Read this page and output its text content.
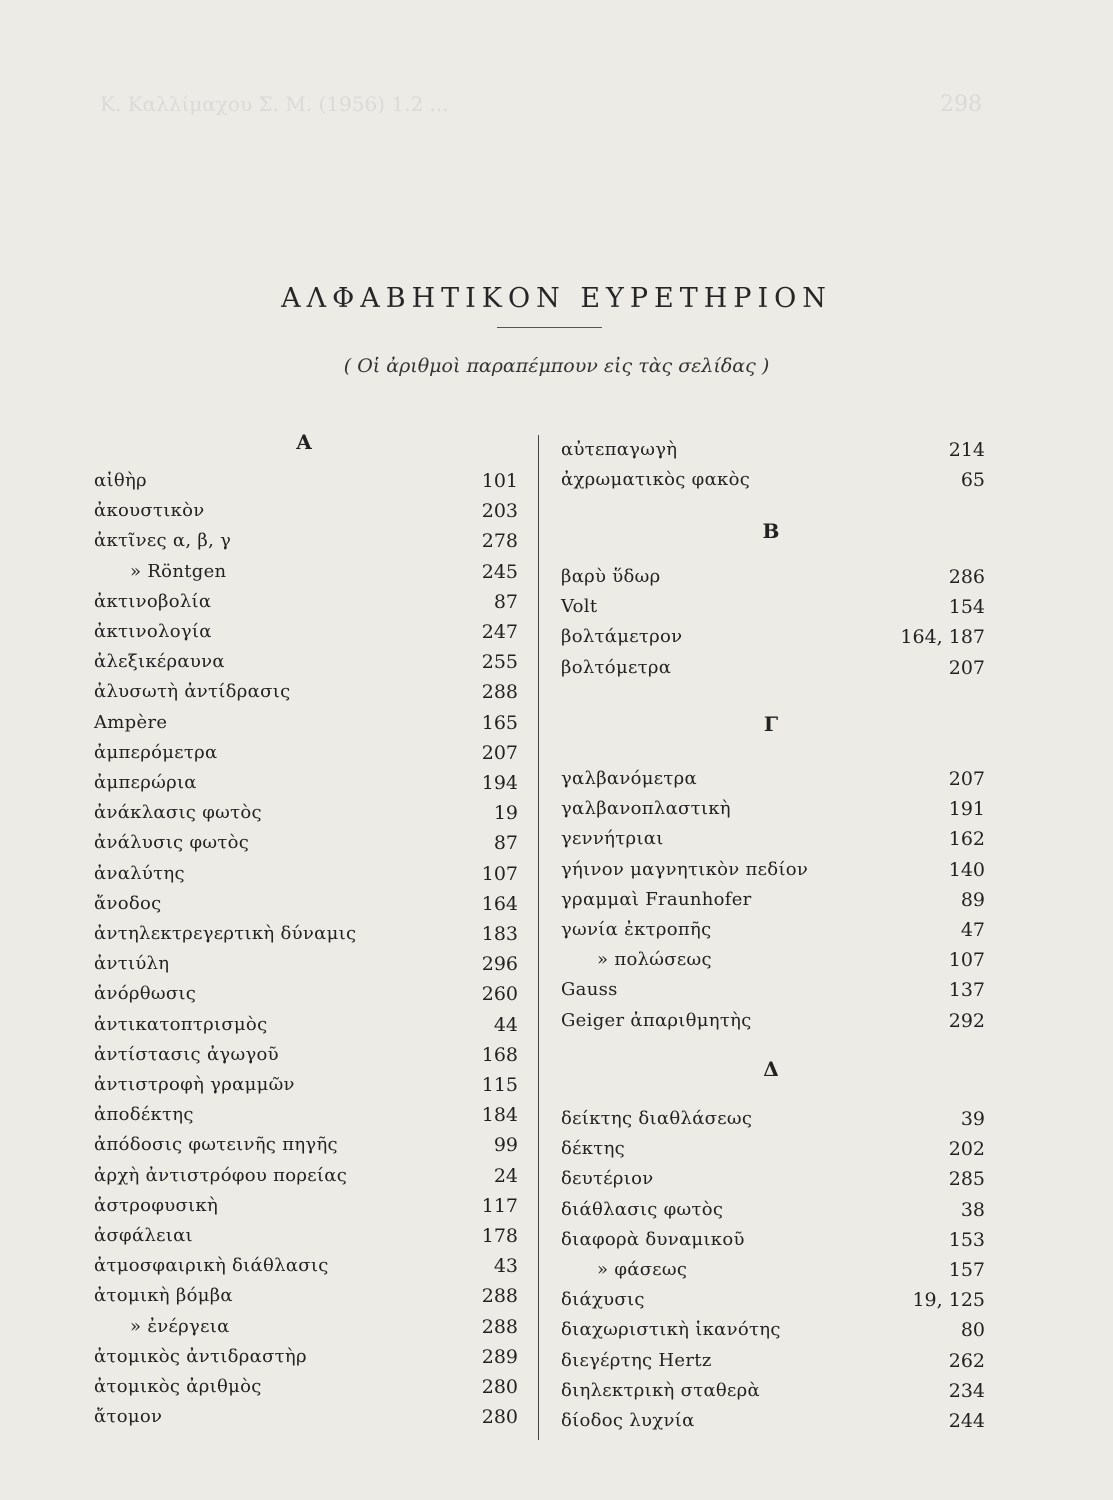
Κ. Καλλίμαχου Σ. Μ. (1956) 1.2 ...	298
ΑΛΦΑΒΗΤΙΚΟΝ ΕΥΡΕΤΗΡΙΟΝ
( Οἱ ἀριθμοὶ παραπέμπουν εἰς τὰς σελίδας )
Α
αἰθὴρ	101
ἀκουστικὸν	203
ἀκτῖνες α, β, γ	278
» Röntgen	245
ἀκτινοβολία	87
ἀκτινολογία	247
ἀλεξικέραυνα	255
ἀλυσωτὴ ἀντίδρασις	288
Ampère	165
ἀμπερόμετρα	207
ἀμπερώρια	194
ἀνάκλασις φωτὸς	19
ἀνάλυσις φωτὸς	87
ἀναλύτης	107
ἄνοδος	164
ἀντηλεκτρεγερτικὴ δύναμις	183
ἀντιύλη	296
ἀνόρθωσις	260
ἀντικατοπτρισμὸς	44
ἀντίστασις ἀγωγοῦ	168
ἀντιστροφὴ γραμμῶν	115
ἀποδέκτης	184
ἀπόδοσις φωτεινῆς πηγῆς	99
ἀρχὴ ἀντιστρόφου πορείας	24
ἀστροφυσικὴ	117
ἀσφάλειαι	178
ἀτμοσφαιρικὴ διάθλασις	43
ἀτομικὴ βόμβα	288
» ἐνέργεια	288
ἀτομικὸς ἀντιδραστὴρ	289
ἀτομικὸς ἀριθμὸς	280
ἄτομον	280
αὐτεπαγωγὴ	214
ἀχρωματικὸς φακὸς	65
Β
βαρὺ ὕδωρ	286
Volt	154
βολτάμετρον	164, 187
βολτόμετρα	207
Γ
γαλβανόμετρα	207
γαλβανοπλαστικὴ	191
γεννήτριαι	162
γήινον μαγνητικὸν πεδίον	140
γραμμαὶ Fraunhofer	89
γωνία ἐκτροπῆς	47
» πολώσεως	107
Gauss	137
Geiger ἀπαριθμητὴς	292
Δ
δείκτης διαθλάσεως	39
δέκτης	202
δευτέριον	285
διάθλασις φωτὸς	38
διαφορὰ δυναμικοῦ	153
» φάσεως	157
διάχυσις	19, 125
διαχωριστικὴ ἱκανότης	80
διεγέρτης Hertz	262
διηλεκτρικὴ σταθερὰ	234
δίοδος λυχνία	244
